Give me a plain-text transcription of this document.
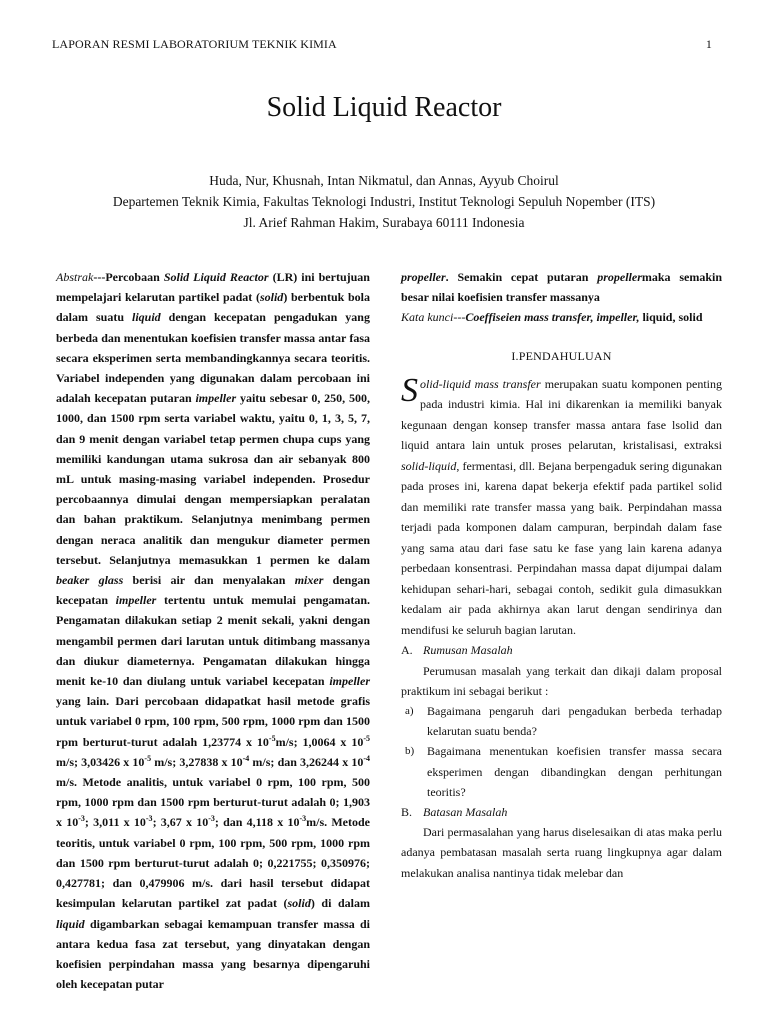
LAPORAN RESMI LABORATORIUM TEKNIK KIMIA	1
Solid Liquid Reactor
Huda, Nur, Khusnah, Intan Nikmatul, dan Annas, Ayyub Choirul
Departemen Teknik Kimia, Fakultas Teknologi Industri, Institut Teknologi Sepuluh Nopember (ITS)
Jl. Arief Rahman Hakim, Surabaya 60111 Indonesia

Abstrak---Percobaan Solid Liquid Reactor (LR) ini bertujuan mempelajari kelarutan partikel padat (solid) berbentuk bola dalam suatu liquid dengan kecepatan pengadukan yang berbeda dan menentukan koefisien transfer massa antar fasa secara eksperimen serta membandingkannya secara teoritis. Variabel independen yang digunakan dalam percobaan ini adalah kecepatan putaran impeller yaitu sebesar 0, 250, 500, 1000, dan 1500 rpm serta variabel waktu, yaitu 0, 1, 3, 5, 7, dan 9 menit dengan variabel tetap permen chupa cups yang memiliki kandungan utama sukrosa dan air sebanyak 800 mL untuk masing-masing variabel independen. Prosedur percobaannya dimulai dengan mempersiapkan peralatan dan bahan praktikum. Selanjutnya menimbang permen dengan neraca analitik dan mengukur diameter permen tersebut. Selanjutnya memasukkan 1 permen ke dalam beaker glass berisi air dan menyalakan mixer dengan kecepatan impeller tertentu untuk memulai pengamatan. Pengamatan dilakukan setiap 2 menit sekali, yakni dengan mengambil permen dari larutan untuk ditimbang massanya dan diukur diameternya. Pengamatan dilakukan hingga menit ke-10 dan diulang untuk variabel kecepatan impeller yang lain. Dari percobaan didapatkat hasil metode grafis untuk variabel 0 rpm, 100 rpm, 500 rpm, 1000 rpm dan 1500 rpm berturut-turut adalah 1,23774 x $10^{-5}m/s$; 1,0064 x $10^{-5}$ m/s; 3,03426 x $10^{-5}$ m/s; 3,27838 x $10^{-4}$ m/s; dan 3,26244 x $10^{-4}$ m/s. Metode analitis, untuk variabel 0 rpm, 100 rpm, 500 rpm, 1000 rpm dan 1500 rpm berturut-turut adalah 0; 1,903 x $10^{-3}$; 3,011 x $10^{-3}$; 3,67 x $10^{-3}$; dan 4,118 x $10^{-3}m/s$. Metode teoritis, untuk variabel 0 rpm, 100 rpm, 500 rpm, 1000 rpm dan 1500 rpm berturut-turut adalah 0; 0,221755; 0,350976; 0,427781; dan 0,479906 m/s. dari hasil tersebut didapat kesimpulan kelarutan partikel zat padat (solid) di dalam liquid digambarkan sebagai kemampuan transfer massa di antara kedua fasa zat tersebut, yang dinyatakan dengan koefisien perpindahan massa yang besarnya dipengaruhi oleh kecepatan putar

propeller. Semakin cepat putaran propellermaka semakin besar nilai koefisien transfer massanya

Kata kunci---Coeffiseien mass transfer, impeller, liquid, solid

I.PENDAHULUAN

Solid-liquid mass transfer merupakan suatu komponen penting pada industri kimia. Hal ini dikarenkan ia memiliki banyak kegunaan dengan konsep transfer massa antara fase lsolid dan liquid antara lain untuk proses pelarutan, kristalisasi, extraksi solid-liquid, fermentasi, dll. Bejana berpengaduk sering digunakan pada proses ini, karena dapat bekerja efektif pada partikel solid dan memiliki rate transfer massa yang baik. Perpindahan massa terjadi pada komponen dalam campuran, berpindah dalam fase yang sama atau dari fase satu ke fase yang lain karena adanya perbedaan konsentrasi. Perpindahan massa dapat dijumpai dalam kehidupan sehari-hari, sebagai contoh, sedikit gula dimasukkan kedalam air pada akhirnya akan larut dengan sendirinya dan mendifusi ke seluruh bagian larutan.

A. Rumusan Masalah

Perumusan masalah yang terkait dan dikaji dalam proposal praktikum ini sebagai berikut :

a)	Bagaimana pengaruh dari pengadukan berbeda terhadap kelarutan suatu benda?
b)	Bagaimana menentukan koefisien transfer massa secara eksperimen dengan dibandingkan dengan perhitungan teoritis?

B. Batasan Masalah

Dari permasalahan yang harus diselesaikan di atas maka perlu adanya pembatasan masalah serta ruang lingkupnya agar dalam melakukan analisa nantinya tidak melebar dan
